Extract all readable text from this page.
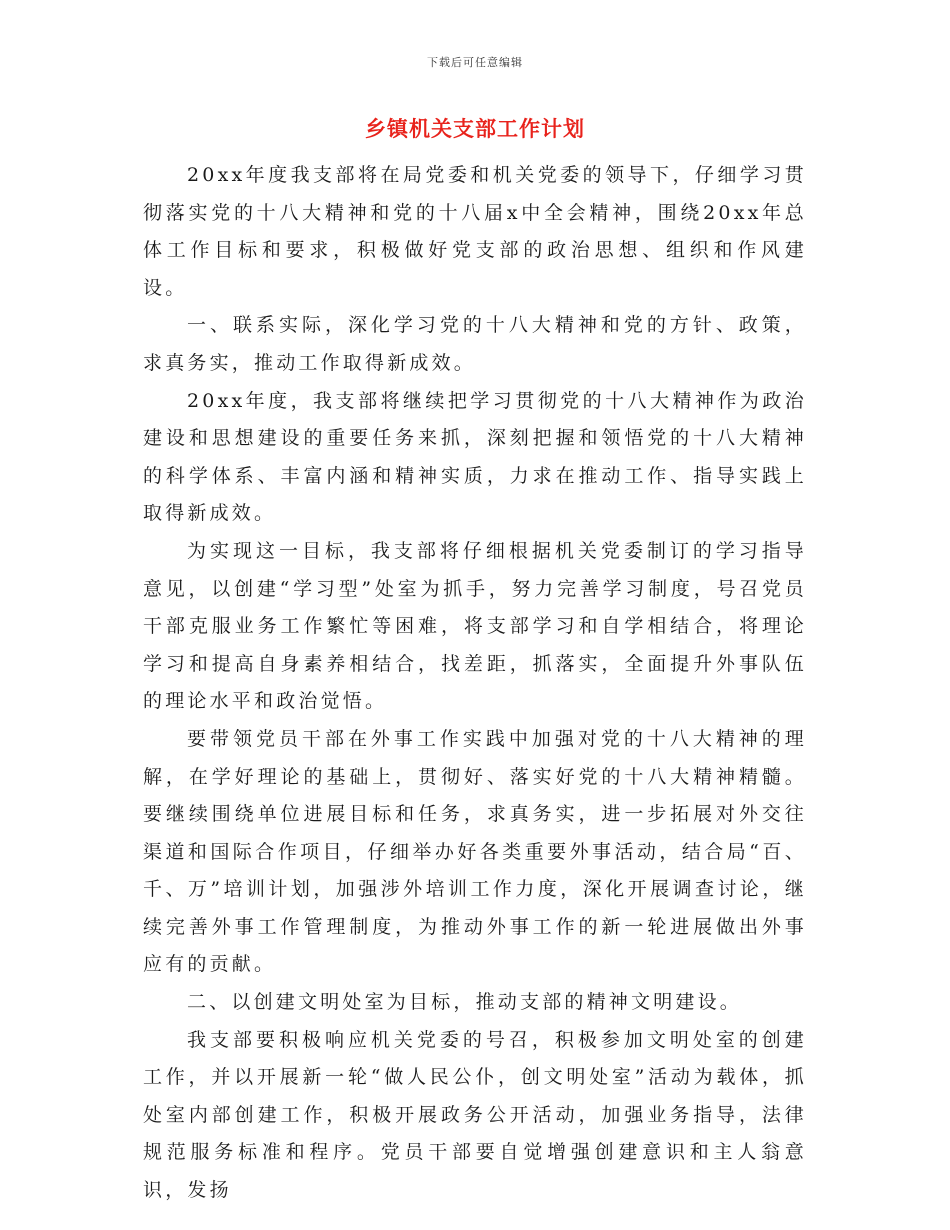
下载后可任意编辑
乡镇机关支部工作计划

20xx年度我支部将在局党委和机关党委的领导下，仔细学习贯彻落实党的十八大精神和党的十八届x中全会精神，围绕20xx年总体工作目标和要求，积极做好党支部的政治思想、组织和作风建设。

一、联系实际，深化学习党的十八大精神和党的方针、政策，求真务实，推动工作取得新成效。

20xx年度，我支部将继续把学习贯彻党的十八大精神作为政治建设和思想建设的重要任务来抓，深刻把握和领悟党的十八大精神的科学体系、丰富内涵和精神实质，力求在推动工作、指导实践上取得新成效。

为实现这一目标，我支部将仔细根据机关党委制订的学习指导意见，以创建“学习型”处室为抓手，努力完善学习制度，号召党员干部克服业务工作繁忙等困难，将支部学习和自学相结合，将理论学习和提高自身素养相结合，找差距，抓落实，全面提升外事队伍的理论水平和政治觉悟。

要带领党员干部在外事工作实践中加强对党的十八大精神的理解，在学好理论的基础上，贯彻好、落实好党的十八大精神精髓。要继续围绕单位进展目标和任务，求真务实，进一步拓展对外交往渠道和国际合作项目，仔细举办好各类重要外事活动，结合局“百、千、万”培训计划，加强涉外培训工作力度，深化开展调查讨论，继续完善外事工作管理制度，为推动外事工作的新一轮进展做出外事应有的贡献。

二、以创建文明处室为目标，推动支部的精神文明建设。

我支部要积极响应机关党委的号召，积极参加文明处室的创建工作，并以开展新一轮“做人民公仆，创文明处室”活动为载体，抓处室内部创建工作，积极开展政务公开活动，加强业务指导，法律规范服务标准和程序。党员干部要自觉增强创建意识和主人翁意识，发扬
